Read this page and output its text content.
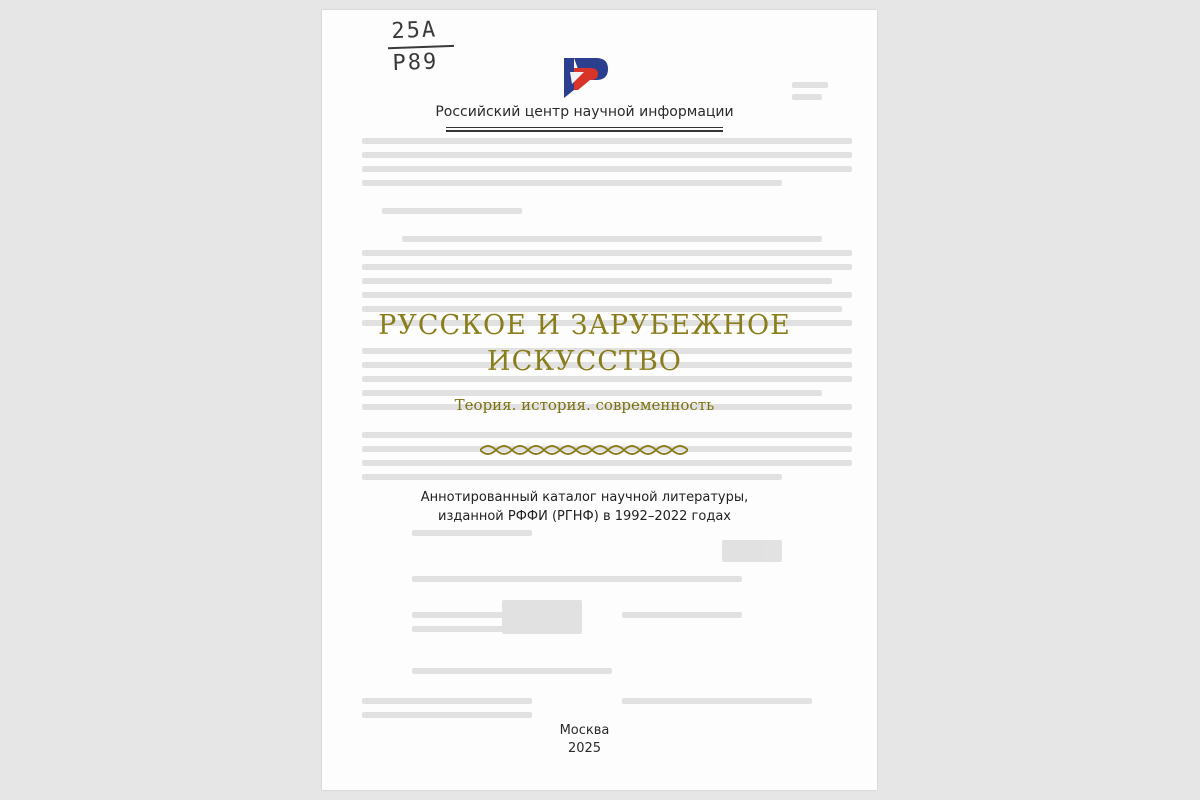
25A
P89
Российский центр научной информации
РУССКОЕ И ЗАРУБЕЖНОЕ
ИСКУССТВО
Теория. история. современность
Аннотированный каталог научной литературы,
изданной РФФИ (РГНФ) в 1992–2022 годах
Москва
2025
